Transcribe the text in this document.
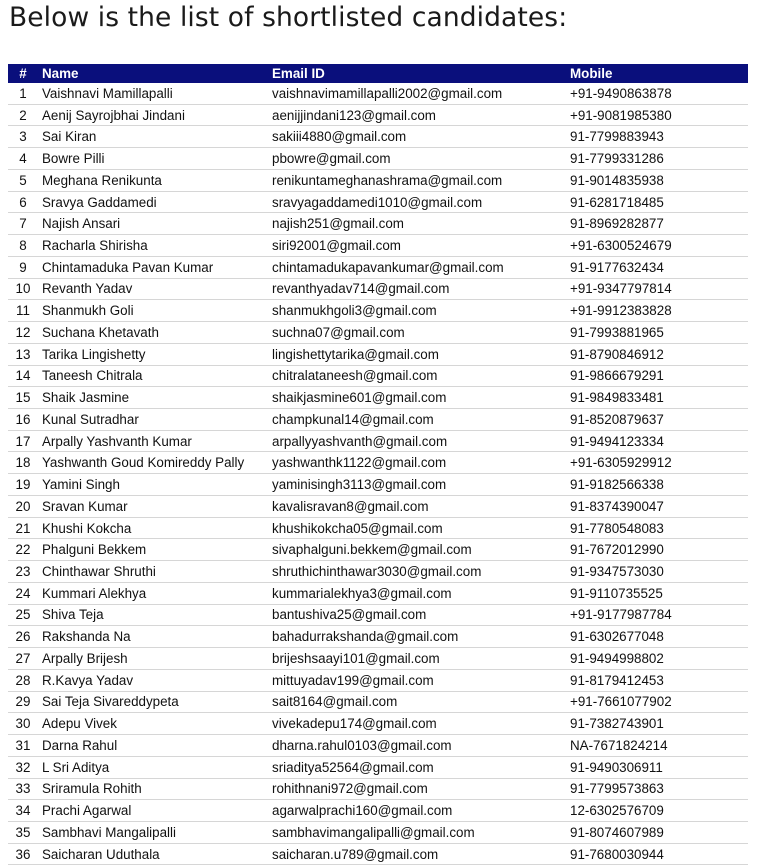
Below is the list of shortlisted candidates:
#	Name	Email ID	Mobile
1	Vaishnavi Mamillapalli	vaishnavimamillapalli2002@gmail.com	+91-9490863878
2	Aenij Sayrojbhai Jindani	aenijjindani123@gmail.com	+91-9081985380
3	Sai Kiran	sakiii4880@gmail.com	91-7799883943
4	Bowre Pilli	pbowre@gmail.com	91-7799331286
5	Meghana Renikunta	renikuntameghanashrama@gmail.com	91-9014835938
6	Sravya Gaddamedi	sravyagaddamedi1010@gmail.com	91-6281718485
7	Najish Ansari	najish251@gmail.com	91-8969282877
8	Racharla Shirisha	siri92001@gmail.com	+91-6300524679
9	Chintamaduka Pavan Kumar	chintamadukapavankumar@gmail.com	91-9177632434
10	Revanth Yadav	revanthyadav714@gmail.com	+91-9347797814
11	Shanmukh Goli	shanmukhgoli3@gmail.com	+91-9912383828
12	Suchana Khetavath	suchna07@gmail.com	91-7993881965
13	Tarika Lingishetty	lingishettytarika@gmail.com	91-8790846912
14	Taneesh Chitrala	chitralataneesh@gmail.com	91-9866679291
15	Shaik Jasmine	shaikjasmine601@gmail.com	91-9849833481
16	Kunal Sutradhar	champkunal14@gmail.com	91-8520879637
17	Arpally Yashvanth Kumar	arpallyyashvanth@gmail.com	91-9494123334
18	Yashwanth Goud Komireddy Pally	yashwanthk1122@gmail.com	+91-6305929912
19	Yamini Singh	yaminisingh3113@gmail.com	91-9182566338
20	Sravan Kumar	kavalisravan8@gmail.com	91-8374390047
21	Khushi Kokcha	khushikokcha05@gmail.com	91-7780548083
22	Phalguni Bekkem	sivaphalguni.bekkem@gmail.com	91-7672012990
23	Chinthawar Shruthi	shruthichinthawar3030@gmail.com	91-9347573030
24	Kummari Alekhya	kummarialekhya3@gmail.com	91-9110735525
25	Shiva Teja	bantushiva25@gmail.com	+91-9177987784
26	Rakshanda Na	bahadurrakshanda@gmail.com	91-6302677048
27	Arpally Brijesh	brijeshsaayi101@gmail.com	91-9494998802
28	R.Kavya Yadav	mittuyadav199@gmail.com	91-8179412453
29	Sai Teja Sivareddypeta	sait8164@gmail.com	+91-7661077902
30	Adepu Vivek	vivekadepu174@gmail.com	91-7382743901
31	Darna Rahul	dharna.rahul0103@gmail.com	NA-7671824214
32	L Sri Aditya	sriaditya52564@gmail.com	91-9490306911
33	Sriramula Rohith	rohithnani972@gmail.com	91-7799573863
34	Prachi Agarwal	agarwalprachi160@gmail.com	12-6302576709
35	Sambhavi Mangalipalli	sambhavimangalipalli@gmail.com	91-8074607989
36	Saicharan Uduthala	saicharan.u789@gmail.com	91-7680030944
